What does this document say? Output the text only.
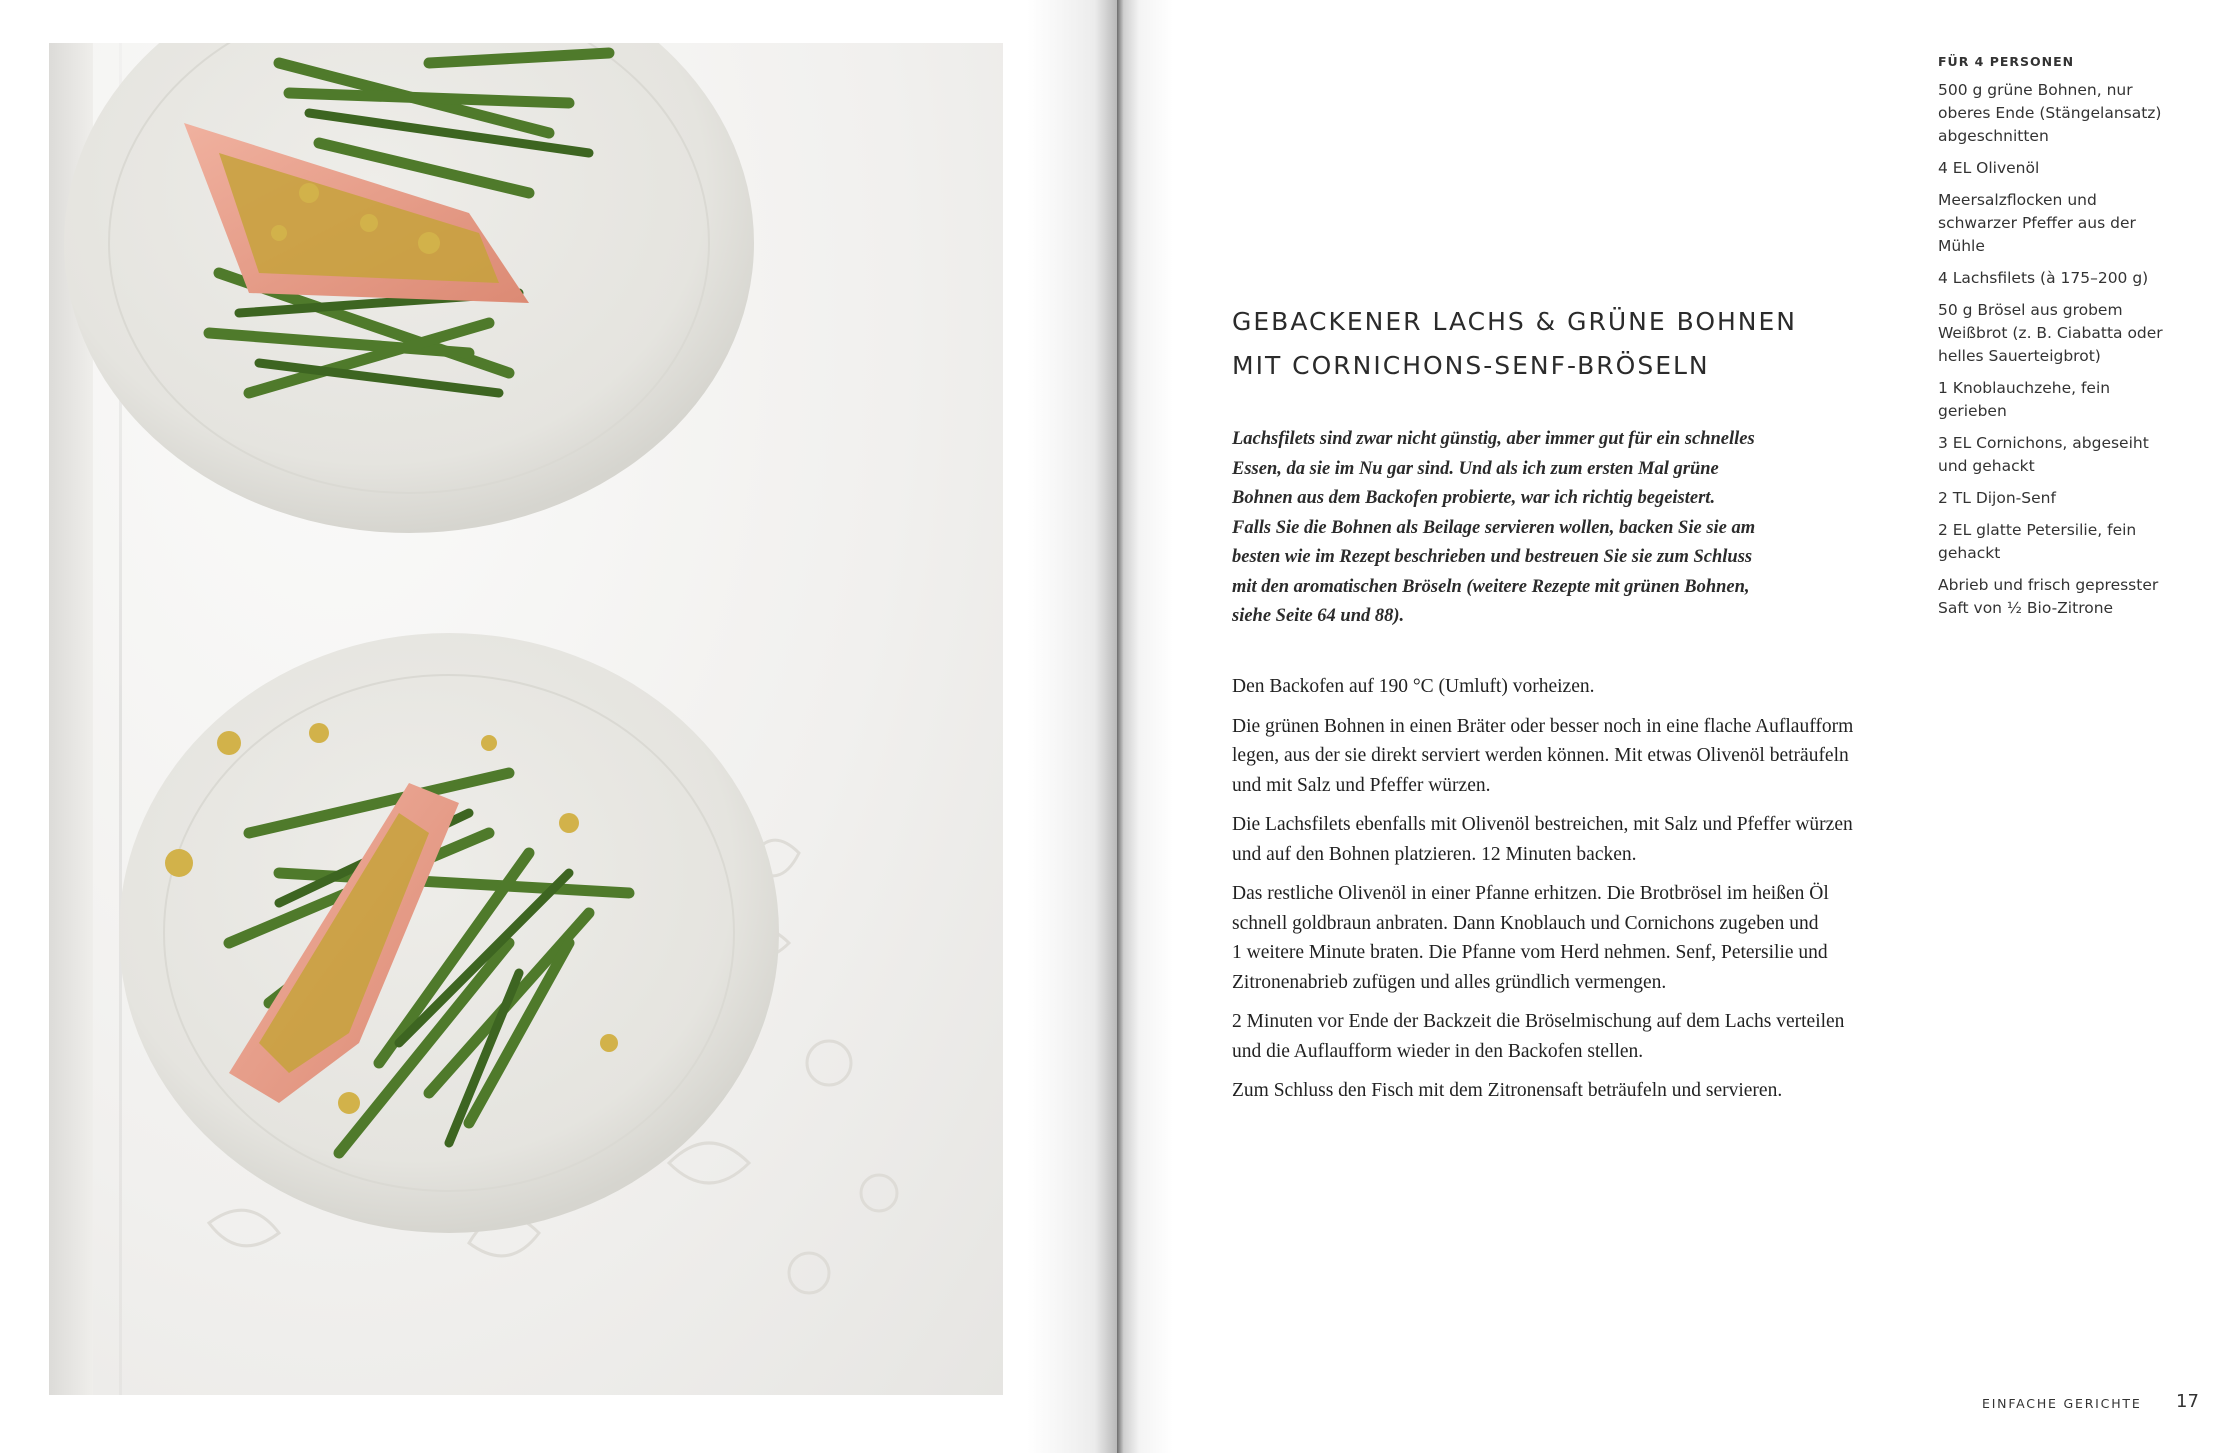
GEBACKENER LACHS & GRÜNE BOHNEN
MIT CORNICHONS-SENF-BRÖSELN
Lachsfilets sind zwar nicht günstig, aber immer gut für ein schnelles
Essen, da sie im Nu gar sind. Und als ich zum ersten Mal grüne
Bohnen aus dem Backofen probierte, war ich richtig begeistert.
Falls Sie die Bohnen als Beilage servieren wollen, backen Sie sie am
besten wie im Rezept beschrieben und bestreuen Sie sie zum Schluss
mit den aromatischen Bröseln (weitere Rezepte mit grünen Bohnen,
siehe Seite 64 und 88).
Den Backofen auf 190 °C (Umluft) vorheizen.
Die grünen Bohnen in einen Bräter oder besser noch in eine flache Auflaufform
legen, aus der sie direkt serviert werden können. Mit etwas Olivenöl beträufeln
und mit Salz und Pfeffer würzen.
Die Lachsfilets ebenfalls mit Olivenöl bestreichen, mit Salz und Pfeffer würzen
und auf den Bohnen platzieren. 12 Minuten backen.
Das restliche Olivenöl in einer Pfanne erhitzen. Die Brotbrösel im heißen Öl
schnell goldbraun anbraten. Dann Knoblauch und Cornichons zugeben und
1 weitere Minute braten. Die Pfanne vom Herd nehmen. Senf, Petersilie und
Zitronenabrieb zufügen und alles gründlich vermengen.
2 Minuten vor Ende der Backzeit die Bröselmischung auf dem Lachs verteilen
und die Auflaufform wieder in den Backofen stellen.
Zum Schluss den Fisch mit dem Zitronensaft beträufeln und servieren.
FÜR 4 PERSONEN
500 g grüne Bohnen, nur
oberes Ende (Stängelansatz)
abgeschnitten
4 EL Olivenöl
Meersalzflocken und
schwarzer Pfeffer aus der
Mühle
4 Lachsfilets (à 175–200 g)
50 g Brösel aus grobem
Weißbrot (z. B. Ciabatta oder
helles Sauerteigbrot)
1 Knoblauchzehe, fein
gerieben
3 EL Cornichons, abgeseiht
und gehackt
2 TL Dijon-Senf
2 EL glatte Petersilie, fein
gehackt
Abrieb und frisch gepresster
Saft von ½ Bio-Zitrone
EINFACHE GERICHTE 17
